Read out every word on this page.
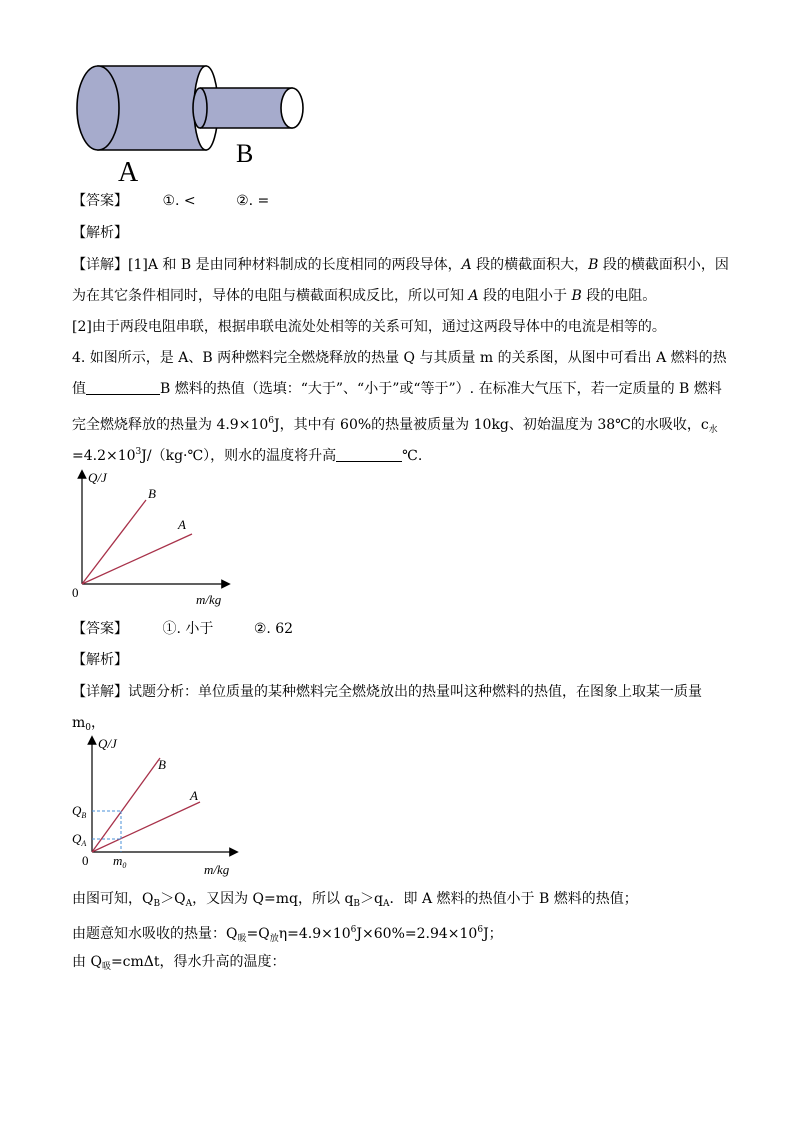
A
B
【答案】 ①. <	②. =
【解析】
【详解】[1]A 和 B 是由同种材料制成的长度相同的两段导体，A 段的横截面积大，B 段的横截面积小，因
为在其它条件相同时，导体的电阻与横截面积成反比，所以可知 A 段的电阻小于 B 段的电阻。
[2]由于两段电阻串联，根据串联电流处处相等的关系可知，通过这两段导体中的电流是相等的。
4. 如图所示，是 A、B 两种燃料完全燃烧释放的热量 Q 与其质量 m 的关系图，从图中可看出 A 燃料的热
值	B 燃料的热值（选填：“大于”、“小于”或“等于”）. 在标准大气压下，若一定质量的 B 燃料
完全燃烧释放的热量为 $4.9\times 10^6J$，其中有 60%的热量被质量为 10kg、初始温度为 38℃的水吸收，$c_水$
$=4.2\times 10^3J/(kg\cdot℃)$，则水的温度将升高	℃.
Q/J
m/kg
0
B
A
【答案】 ①. 小于	②. 62
【解析】
【详解】试题分析：单位质量的某种燃料完全燃烧放出的热量叫这种燃料的热值，在图象上取某一质量
$m_0$，
Q/J
m/kg
0
B
A
$Q_B$
$Q_A$
$m_0$
由图可知，$Q_B>Q_A$，又因为 Q=mq，所以 $q_B>q_A$．即 A 燃料的热值小于 B 燃料的热值；
由题意知水吸收的热量：$Q_吸=Q_放\eta=4.9\times 10^6J\times 60\%=2.94\times 10^6J$；
由 $Q_吸=cm\Delta t$，得水升高的温度：
